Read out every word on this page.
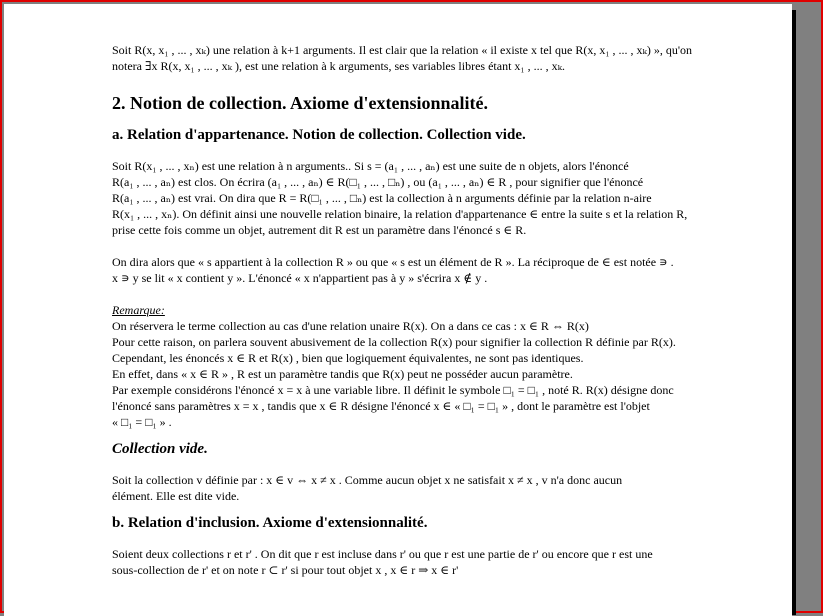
Soit R(x, x₁ , ... , xₖ) une relation à k+1 arguments. Il est clair que la relation « il existe x tel que R(x, x₁ , ... , xₖ) », qu'on

notera ∃x R(x, x₁ , ... , xₖ ), est une relation à k arguments, ses variables libres étant x₁ , ... , xₖ.

2. Notion de collection. Axiome d'extensionnalité.
a. Relation d'appartenance. Notion de collection. Collection vide.

Soit R(x₁ , ... , xₙ) est une relation à n arguments.. Si s = (a₁ , ... , aₙ) est une suite de n objets, alors l'énoncé

R(a₁ , ... , aₙ) est clos. On écrira (a₁ , ... , aₙ) ∈ R(□₁ , ... , □ₙ) , ou (a₁ , ... , aₙ) ∈ R , pour signifier que l'énoncé

R(a₁ , ... , aₙ) est vrai. On dira que R = R(□₁ , ... , □ₙ) est la collection à n arguments définie par la relation n-aire

R(x₁ , ... , xₙ). On définit ainsi une nouvelle relation binaire, la relation d'appartenance ∈ entre la suite s et la relation R,

prise cette fois comme un objet, autrement dit R est un paramètre dans l'énoncé s ∈ R.

On dira alors que « s appartient à la collection R » ou que « s est un élément de R ». La réciproque de ∈ est notée ∍ .

x ∍ y se lit « x contient y ». L'énoncé « x n'appartient pas à y » s'écrira x ∉ y .

Remarque:

On réservera le terme collection au cas d'une relation unaire R(x). On a dans ce cas : x ∈ R ⇔ R(x)

Pour cette raison, on parlera souvent abusivement de la collection R(x) pour signifier la collection R définie par R(x).

Cependant, les énoncés x ∈ R et R(x) , bien que logiquement équivalentes, ne sont pas identiques.

En effet, dans « x ∈ R » , R est un paramètre tandis que R(x) peut ne posséder aucun paramètre.

Par exemple considérons l'énoncé x = x à une variable libre. Il définit le symbole □₁ = □₁ , noté R. R(x) désigne donc

l'énoncé sans paramètres x = x , tandis que x ∈ R désigne l'énoncé x ∈ « □₁ = □₁ » , dont le paramètre est l'objet

« □₁ = □₁ » .

Collection vide.

Soit la collection v définie par : x ∈ v ⇔ x ≠ x . Comme aucun objet x ne satisfait x ≠ x , v n'a donc aucun

élément. Elle est dite vide.

b. Relation d'inclusion. Axiome d'extensionnalité.

Soient deux collections r et r' . On dit que r est incluse dans r' ou que r est une partie de r' ou encore que r est une

sous-collection de r' et on note r ⊂ r' si pour tout objet x , x ∈ r ⇒ x ∈ r'
